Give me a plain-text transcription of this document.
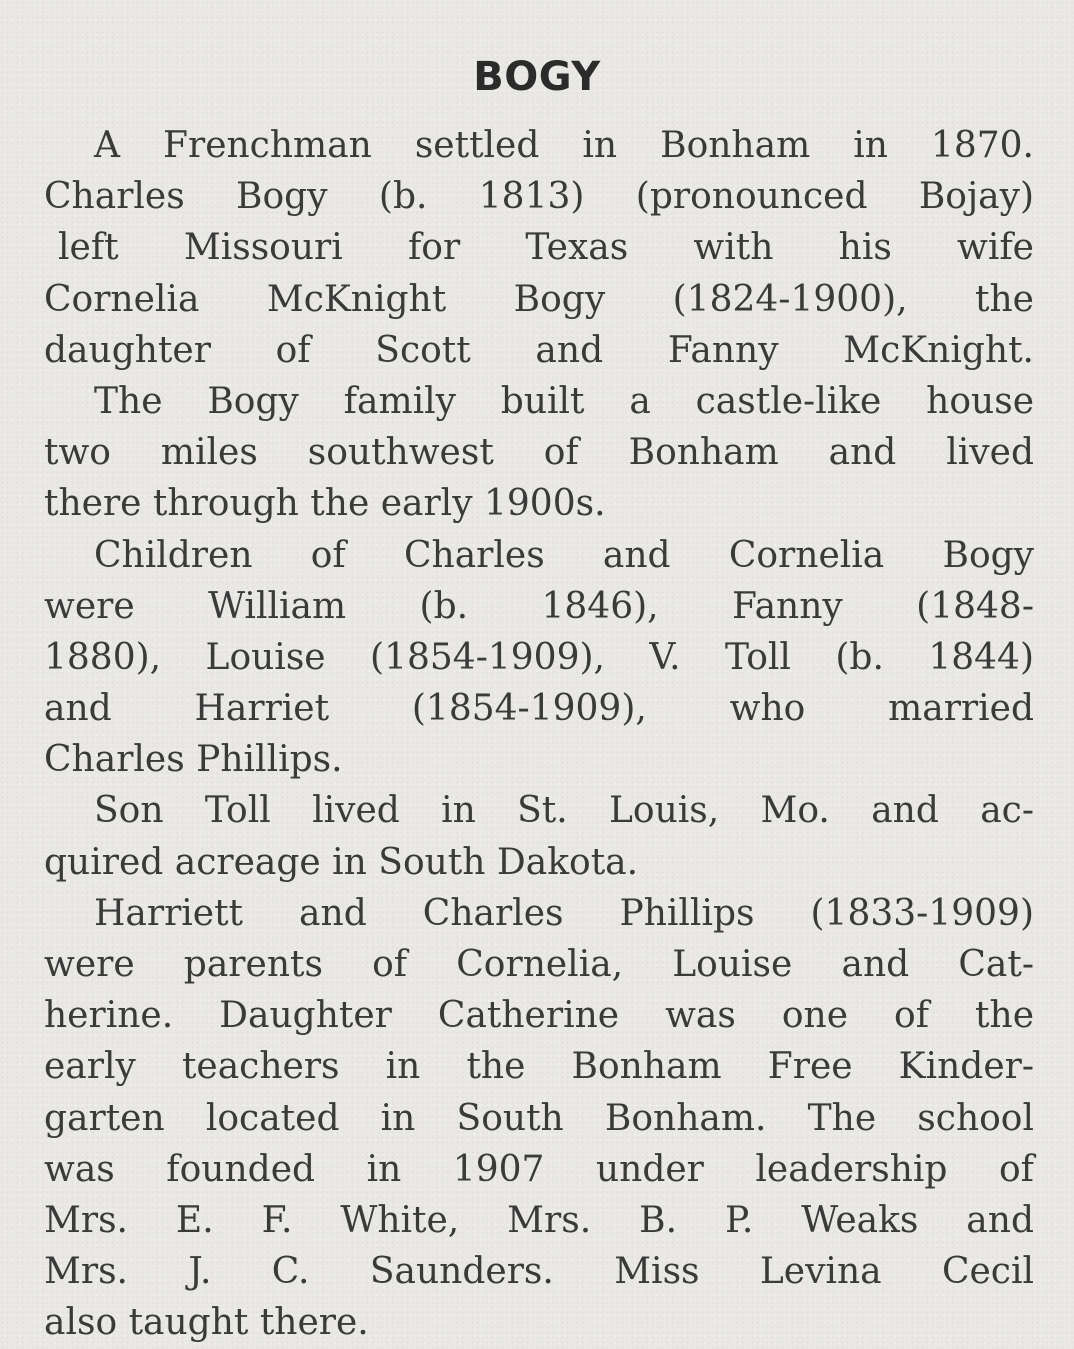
BOGY
A Frenchman settled in Bonham in 1870.
Charles Bogy (b. 1813) (pronounced Bojay)
left Missouri for Texas with his wife
Cornelia McKnight Bogy (1824-1900), the
daughter of Scott and Fanny McKnight.
The Bogy family built a castle-like house
two miles southwest of Bonham and lived
there through the early 1900s.
Children of Charles and Cornelia Bogy
were William (b. 1846), Fanny (1848-
1880), Louise (1854-1909), V. Toll (b. 1844)
and Harriet (1854-1909), who married
Charles Phillips.
Son Toll lived in St. Louis, Mo. and ac-
quired acreage in South Dakota.
Harriett and Charles Phillips (1833-1909)
were parents of Cornelia, Louise and Cat-
herine. Daughter Catherine was one of the
early teachers in the Bonham Free Kinder-
garten located in South Bonham. The school
was founded in 1907 under leadership of
Mrs. E. F. White, Mrs. B. P. Weaks and
Mrs. J. C. Saunders. Miss Levina Cecil
also taught there.
